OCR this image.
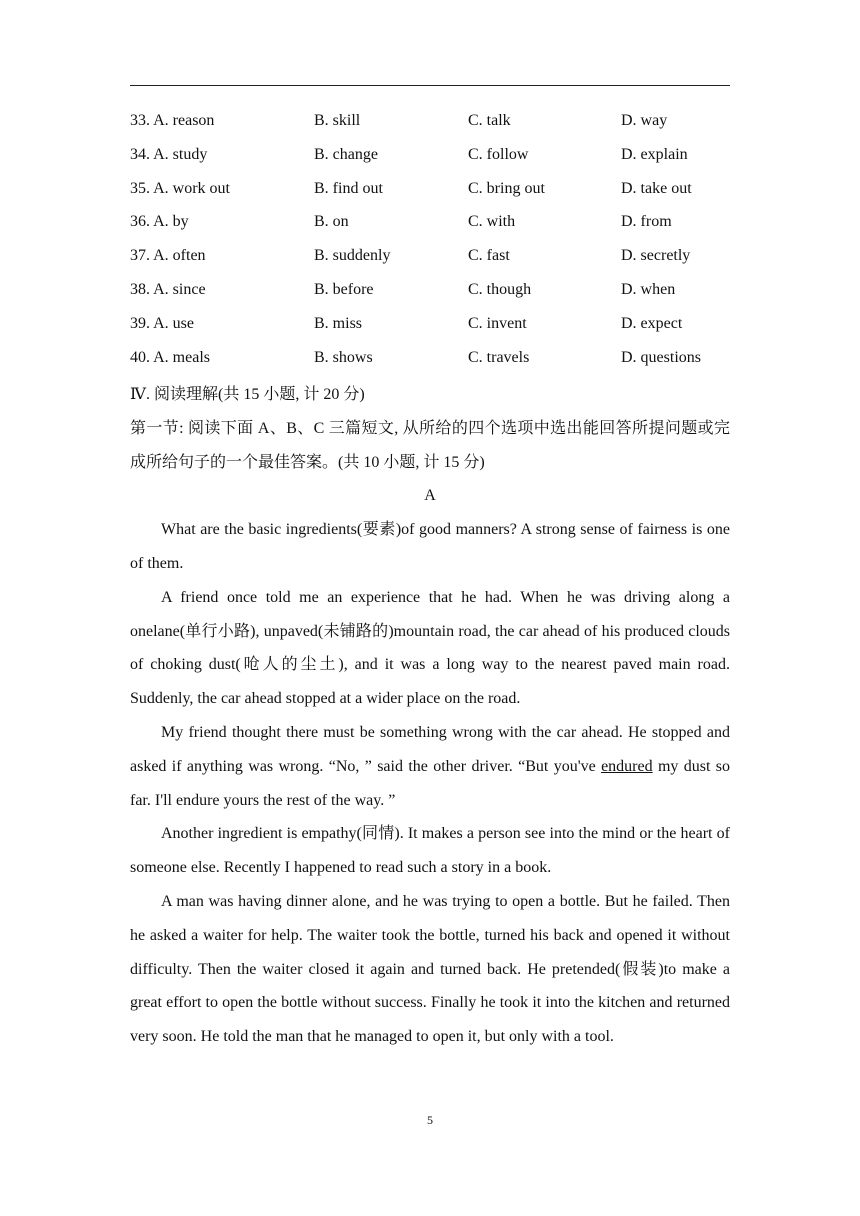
33. A. reason	B. skill	C. talk	D. way
34. A. study	B. change	C. follow	D. explain
35. A. work out	B. find out	C. bring out	D. take out
36. A. by	B. on	C. with	D. from
37. A. often	B. suddenly	C. fast	D. secretly
38. A. since	B. before	C. though	D. when
39. A. use	B. miss	C. invent	D. expect
40. A. meals	B. shows	C. travels	D. questions

Ⅳ. 阅读理解(共 15 小题, 计 20 分)

第一节: 阅读下面 A、B、C 三篇短文, 从所给的四个选项中选出能回答所提问题或完成所给句子的一个最佳答案。(共 10 小题, 计 15 分)

A

What are the basic ingredients(要素)of good manners? A strong sense of fairness is one of them.

A friend once told me an experience that he had. When he was driving along a onelane(单行小路), unpaved(未铺路的)mountain road, the car ahead of his produced clouds of choking dust(呛人的尘土), and it was a long way to the nearest paved main road. Suddenly, the car ahead stopped at a wider place on the road.

My friend thought there must be something wrong with the car ahead. He stopped and asked if anything was wrong. “No, ” said the other driver. “But you've endured my dust so far. I'll endure yours the rest of the way. ”

Another ingredient is empathy(同情). It makes a person see into the mind or the heart of someone else. Recently I happened to read such a story in a book.

A man was having dinner alone, and he was trying to open a bottle. But he failed. Then he asked a waiter for help. The waiter took the bottle, turned his back and opened it without difficulty. Then the waiter closed it again and turned back. He pretended(假装)to make a great effort to open the bottle without success. Finally he took it into the kitchen and returned very soon. He told the man that he managed to open it, but only with a tool.

5
